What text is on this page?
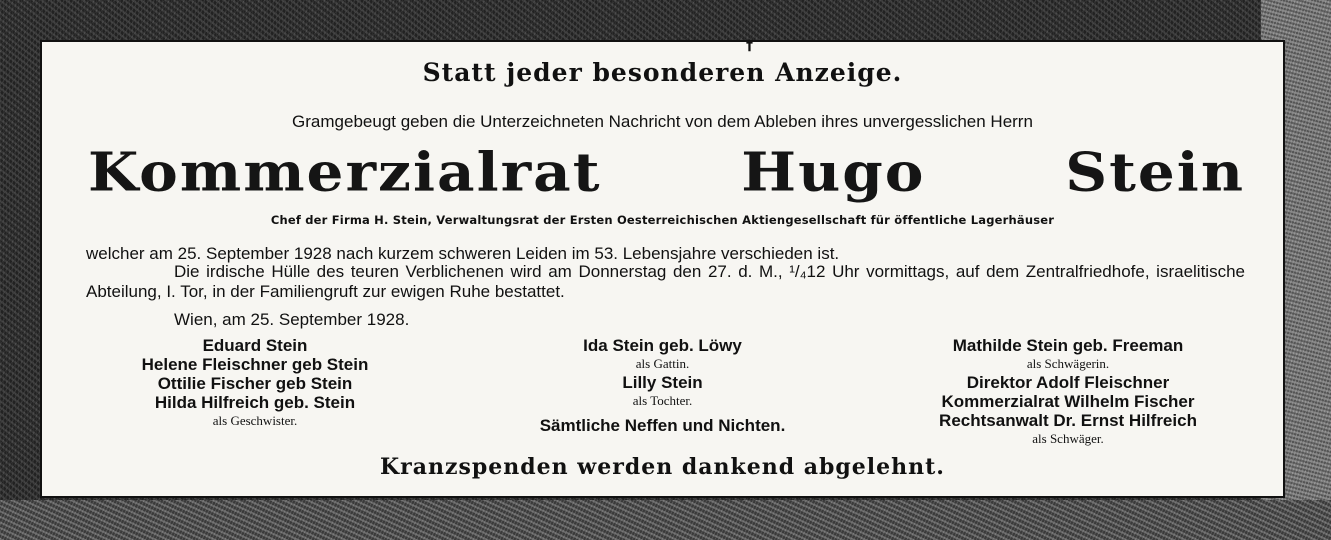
†
Statt jeder besonderen Anzeige.
Gramgebeugt geben die Unterzeichneten Nachricht von dem Ableben ihres unvergesslichen Herrn
Kommerzialrat Hugo Stein
Chef der Firma H. Stein, Verwaltungsrat der Ersten Oesterreichischen Aktiengesellschaft für öffentliche Lagerhäuser
welcher am 25. September 1928 nach kurzem schweren Leiden im 53. Lebensjahre verschieden ist.
Die irdische Hülle des teuren Verblichenen wird am Donnerstag den 27. d. M., ¹/₄12 Uhr vormittags, auf dem Zentralfriedhofe, israelitische Abteilung, I. Tor, in der Familiengruft zur ewigen Ruhe bestattet.
Wien, am 25. September 1928.
Eduard Stein
Helene Fleischner geb Stein
Ottilie Fischer geb Stein
Hilda Hilfreich geb. Stein
als Geschwister.
Ida Stein geb. Löwy
als Gattin.
Lilly Stein
als Tochter.
Sämtliche Neffen und Nichten.
Mathilde Stein geb. Freeman
als Schwägerin.
Direktor Adolf Fleischner
Kommerzialrat Wilhelm Fischer
Rechtsanwalt Dr. Ernst Hilfreich
als Schwäger.
Kranzspenden werden dankend abgelehnt.
